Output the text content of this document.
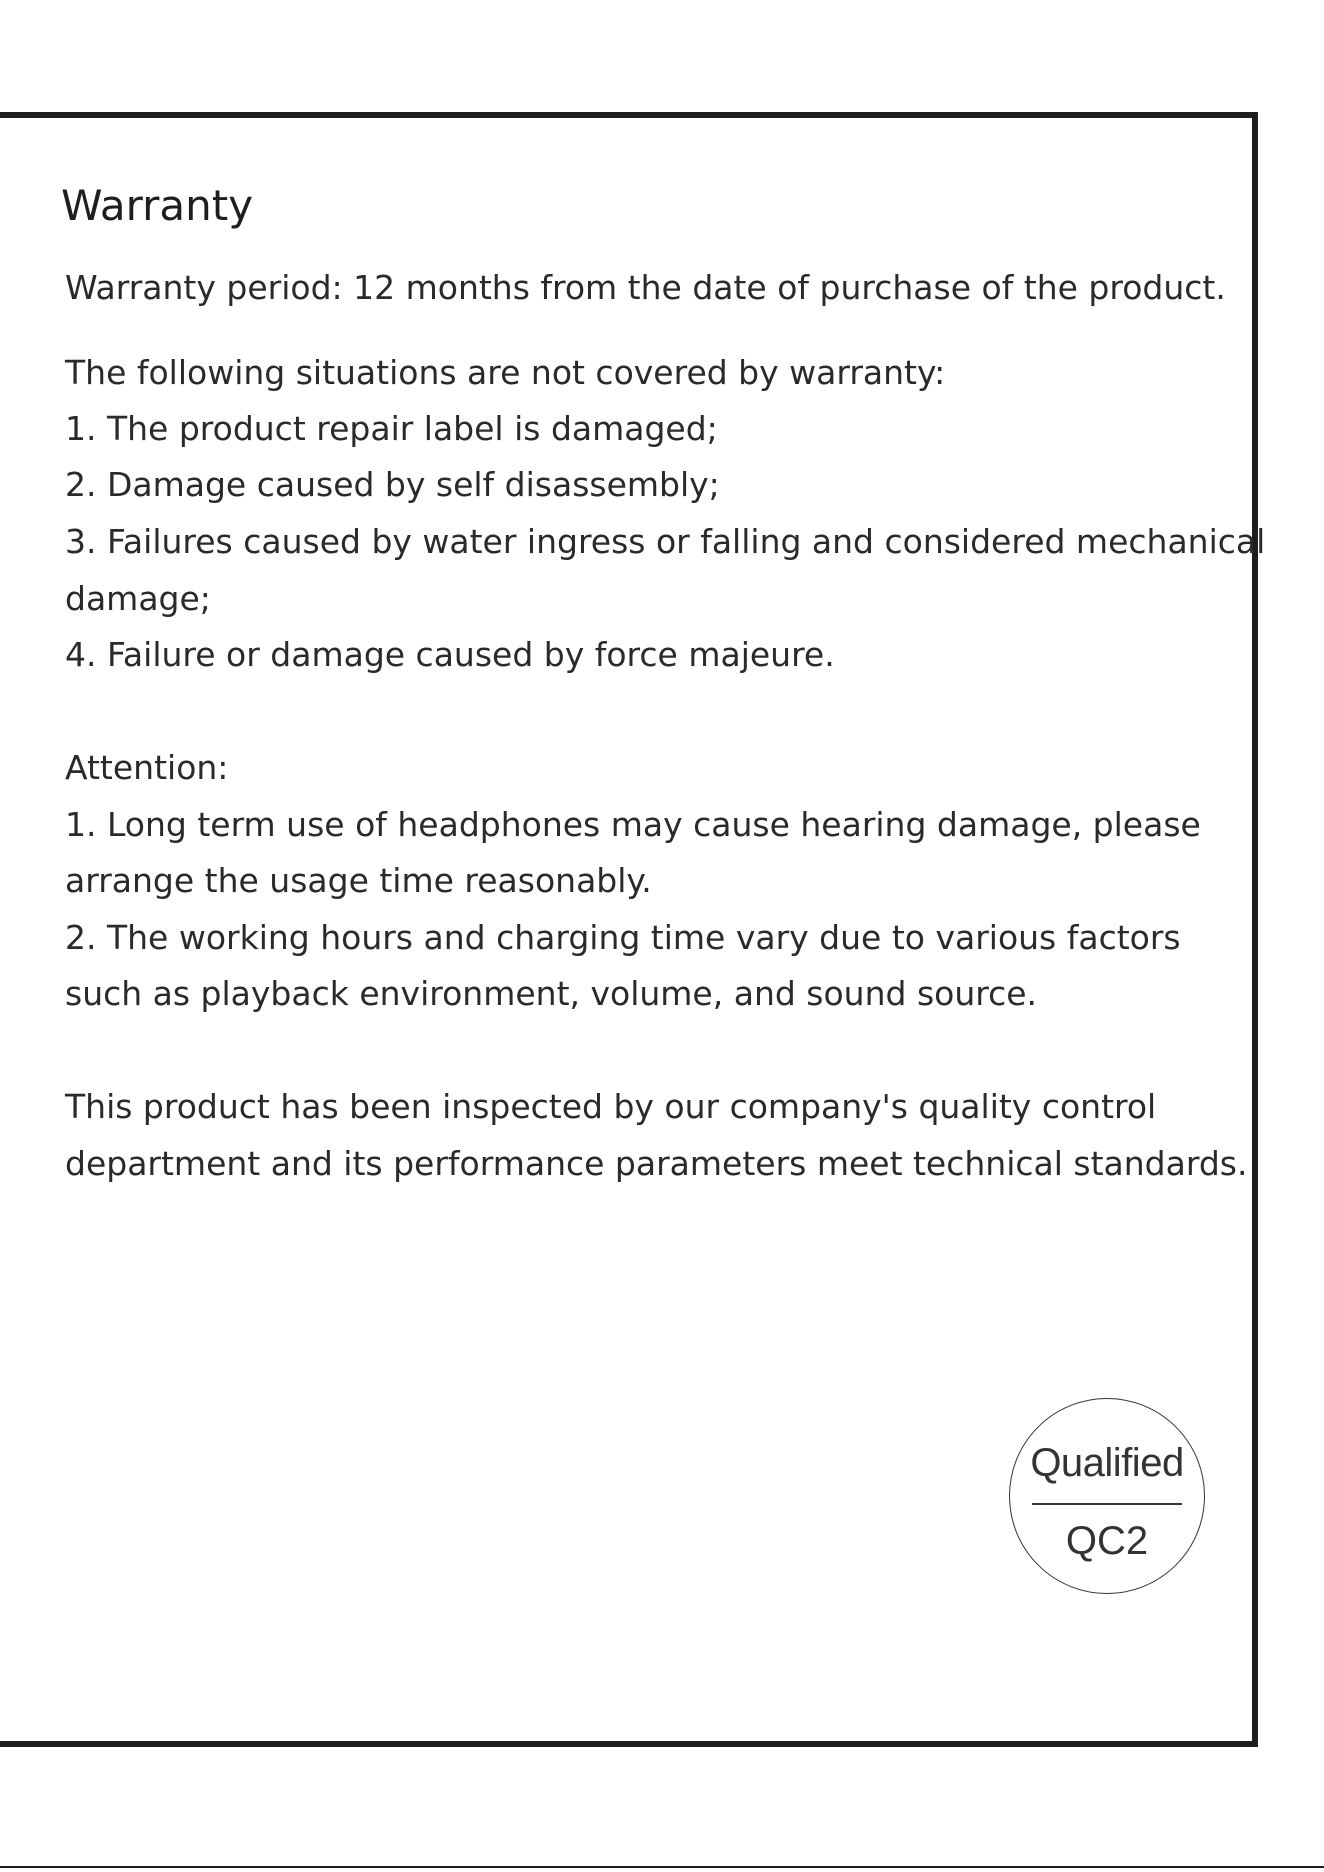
Warranty

Warranty period: 12 months from the date of purchase of the product.

The following situations are not covered by warranty:

1. The product repair label is damaged;

2. Damage caused by self disassembly;

3. Failures caused by water ingress or falling and considered mechanical

damage;

4. Failure or damage caused by force majeure.

Attention:

1. Long term use of headphones may cause hearing damage, please

arrange the usage time reasonably.

2. The working hours and charging time vary due to various factors

such as playback environment, volume, and sound source.

This product has been inspected by our company's quality control

department and its performance parameters meet technical standards.

Qualified
QC2
